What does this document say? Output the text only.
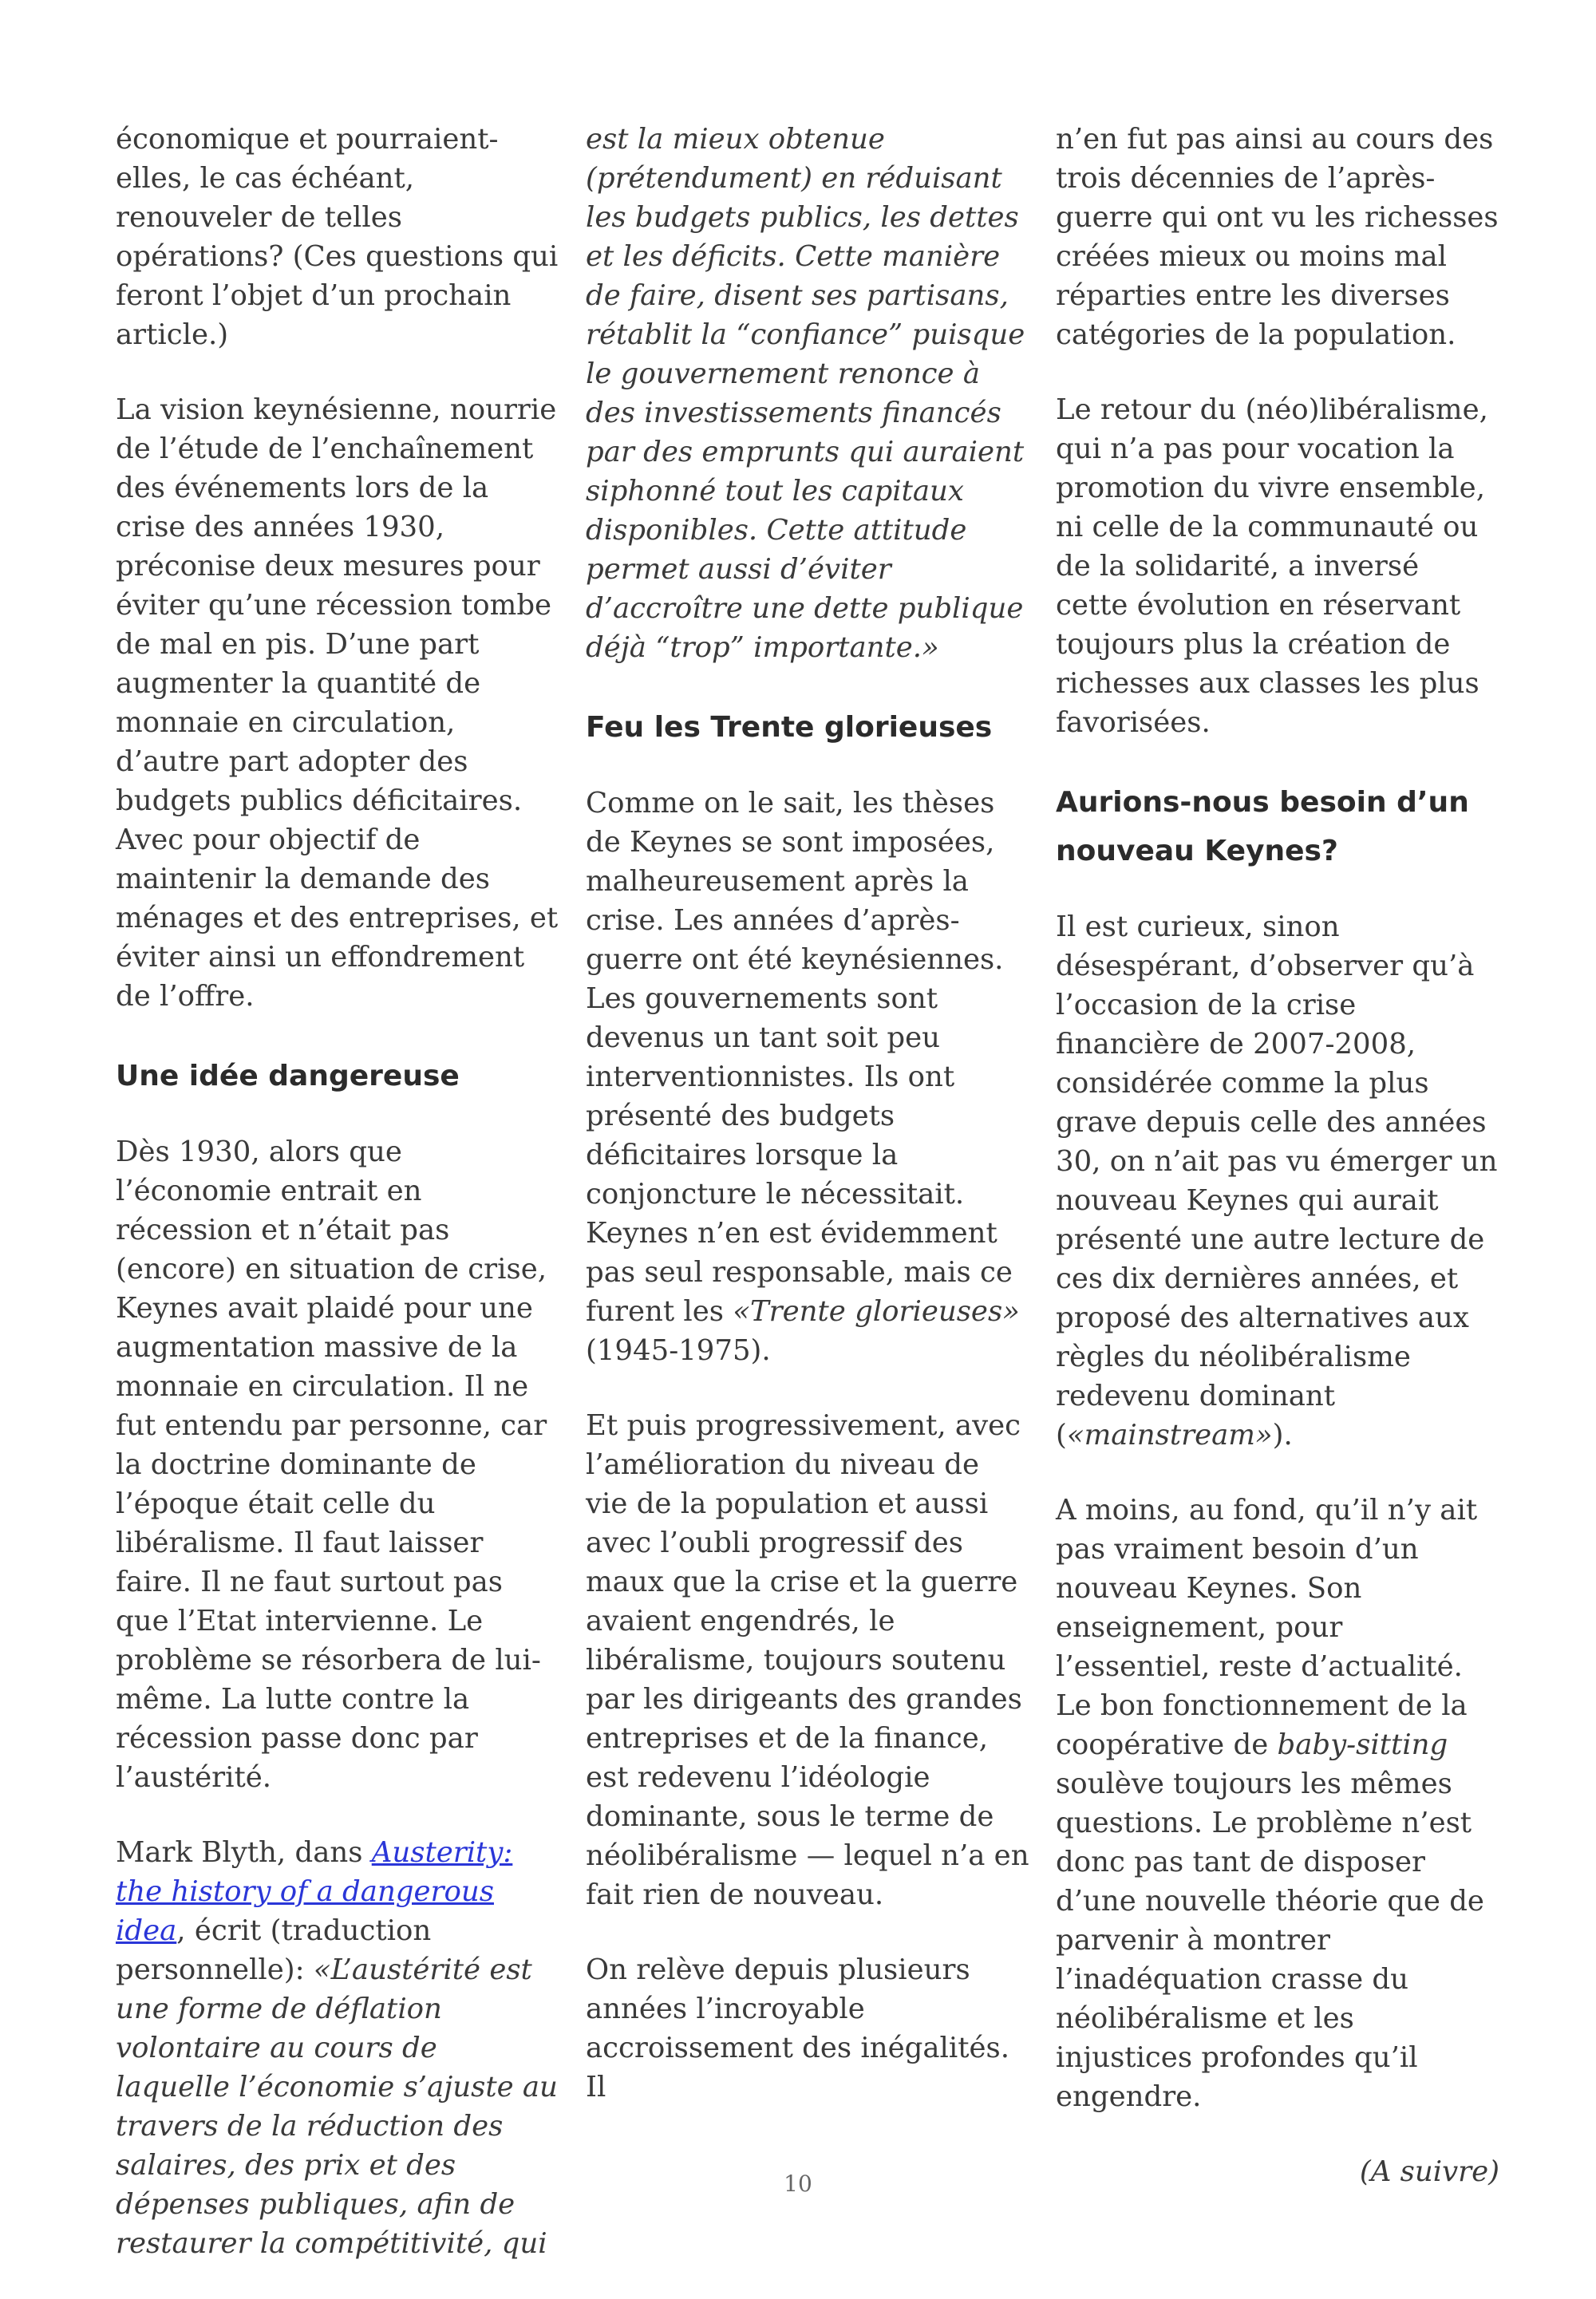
économique et pourraient-elles, le cas échéant, renouveler de telles opérations? (Ces questions qui feront l’objet d’un prochain article.)

La vision keynésienne, nourrie de l’étude de l’enchaînement des événements lors de la crise des années 1930, préconise deux mesures pour éviter qu’une récession tombe de mal en pis. D’une part augmenter la quantité de monnaie en circulation, d’autre part adopter des budgets publics déficitaires. Avec pour objectif de maintenir la demande des ménages et des entreprises, et éviter ainsi un effondrement de l’offre.

Une idée dangereuse

Dès 1930, alors que l’économie entrait en récession et n’était pas (encore) en situation de crise, Keynes avait plaidé pour une augmentation massive de la monnaie en circulation. Il ne fut entendu par personne, car la doctrine dominante de l’époque était celle du libéralisme. Il faut laisser faire. Il ne faut surtout pas que l’Etat intervienne. Le problème se résorbera de lui-même. La lutte contre la récession passe donc par l’austérité.

Mark Blyth, dans Austerity: the history of a dangerous idea, écrit (traduction personnelle): «L’austérité est une forme de déflation volontaire au cours de laquelle l’économie s’ajuste au travers de la réduction des salaires, des prix et des dépenses publiques, afin de restaurer la compétitivité, qui

est la mieux obtenue (prétendument) en réduisant les budgets publics, les dettes et les déficits. Cette manière de faire, disent ses partisans, rétablit la “confiance” puisque le gouvernement renonce à des investissements financés par des emprunts qui auraient siphonné tout les capitaux disponibles. Cette attitude permet aussi d’éviter d’accroître une dette publique déjà “trop” importante.»

Feu les Trente glorieuses

Comme on le sait, les thèses de Keynes se sont imposées, malheureusement après la crise. Les années d’après-guerre ont été keynésiennes. Les gouvernements sont devenus un tant soit peu interventionnistes. Ils ont présenté des budgets déficitaires lorsque la conjoncture le nécessitait. Keynes n’en est évidemment pas seul responsable, mais ce furent les «Trente glorieuses» (1945-1975).

Et puis progressivement, avec l’amélioration du niveau de vie de la population et aussi avec l’oubli progressif des maux que la crise et la guerre avaient engendrés, le libéralisme, toujours soutenu par les dirigeants des grandes entreprises et de la finance, est redevenu l’idéologie dominante, sous le terme de néolibéralisme — lequel n’a en fait rien de nouveau.

On relève depuis plusieurs années l’incroyable accroissement des inégalités. Il

n’en fut pas ainsi au cours des trois décennies de l’après-guerre qui ont vu les richesses créées mieux ou moins mal réparties entre les diverses catégories de la population.

Le retour du (néo)libéralisme, qui n’a pas pour vocation la promotion du vivre ensemble, ni celle de la communauté ou de la solidarité, a inversé cette évolution en réservant toujours plus la création de richesses aux classes les plus favorisées.

Aurions-nous besoin d’un nouveau Keynes?

Il est curieux, sinon désespérant, d’observer qu’à l’occasion de la crise financière de 2007-2008, considérée comme la plus grave depuis celle des années 30, on n’ait pas vu émerger un nouveau Keynes qui aurait présenté une autre lecture de ces dix dernières années, et proposé des alternatives aux règles du néolibéralisme redevenu dominant («mainstream»).

A moins, au fond, qu’il n’y ait pas vraiment besoin d’un nouveau Keynes. Son enseignement, pour l’essentiel, reste d’actualité. Le bon fonctionnement de la coopérative de baby-sitting soulève toujours les mêmes questions. Le problème n’est donc pas tant de disposer d’une nouvelle théorie que de parvenir à montrer l’inadéquation crasse du néolibéralisme et les injustices profondes qu’il engendre.

(A suivre)

10
